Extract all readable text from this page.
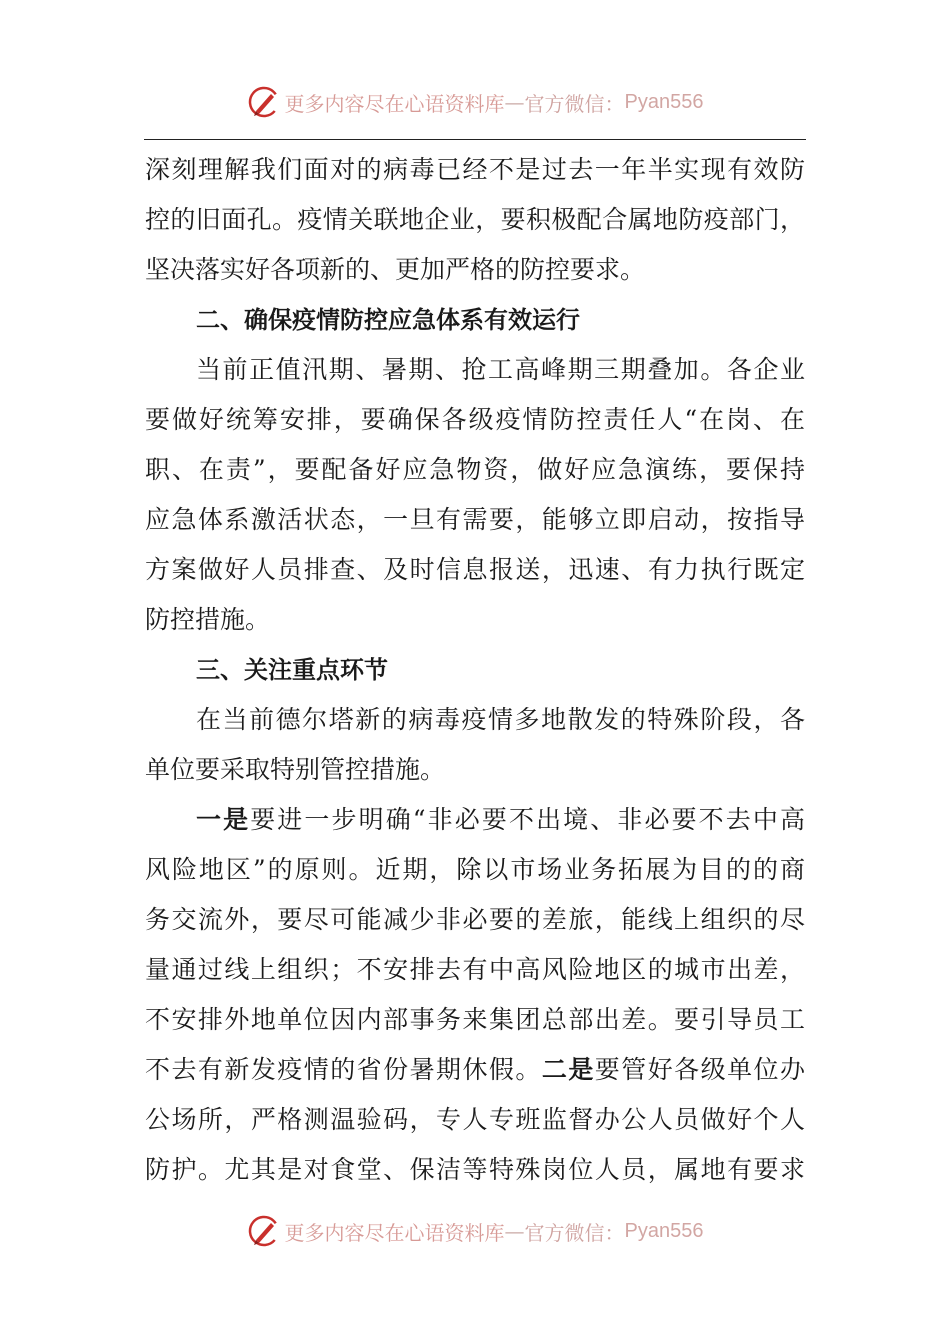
更多内容尽在心语资料库 — 官方微信： Pyan556
深刻理解我们面对的病毒已经不是过去一年半实现有效防
控的旧面孔。疫情关联地企业，要积极配合属地防疫部门，
坚决落实好各项新的、更加严格的防控要求。
二、确保疫情防控应急体系有效运行
当前正值汛期、暑期、抢工高峰期三期叠加。各企业
要做好统筹安排，要确保各级疫情防控责任人“在岗、在
职、在责”，要配备好应急物资，做好应急演练，要保持
应急体系激活状态，一旦有需要，能够立即启动，按指导
方案做好人员排查、及时信息报送，迅速、有力执行既定
防控措施。
三、关注重点环节
在当前德尔塔新的病毒疫情多地散发的特殊阶段，各
单位要采取特别管控措施。
一是要进一步明确“非必要不出境、非必要不去中高
风险地区”的原则。近期，除以市场业务拓展为目的的商
务交流外，要尽可能减少非必要的差旅，能线上组织的尽
量通过线上组织；不安排去有中高风险地区的城市出差，
不安排外地单位因内部事务来集团总部出差。要引导员工
不去有新发疫情的省份暑期休假。二是要管好各级单位办
公场所，严格测温验码，专人专班监督办公人员做好个人
防护。尤其是对食堂、保洁等特殊岗位人员，属地有要求
更多内容尽在心语资料库 — 官方微信： Pyan556
